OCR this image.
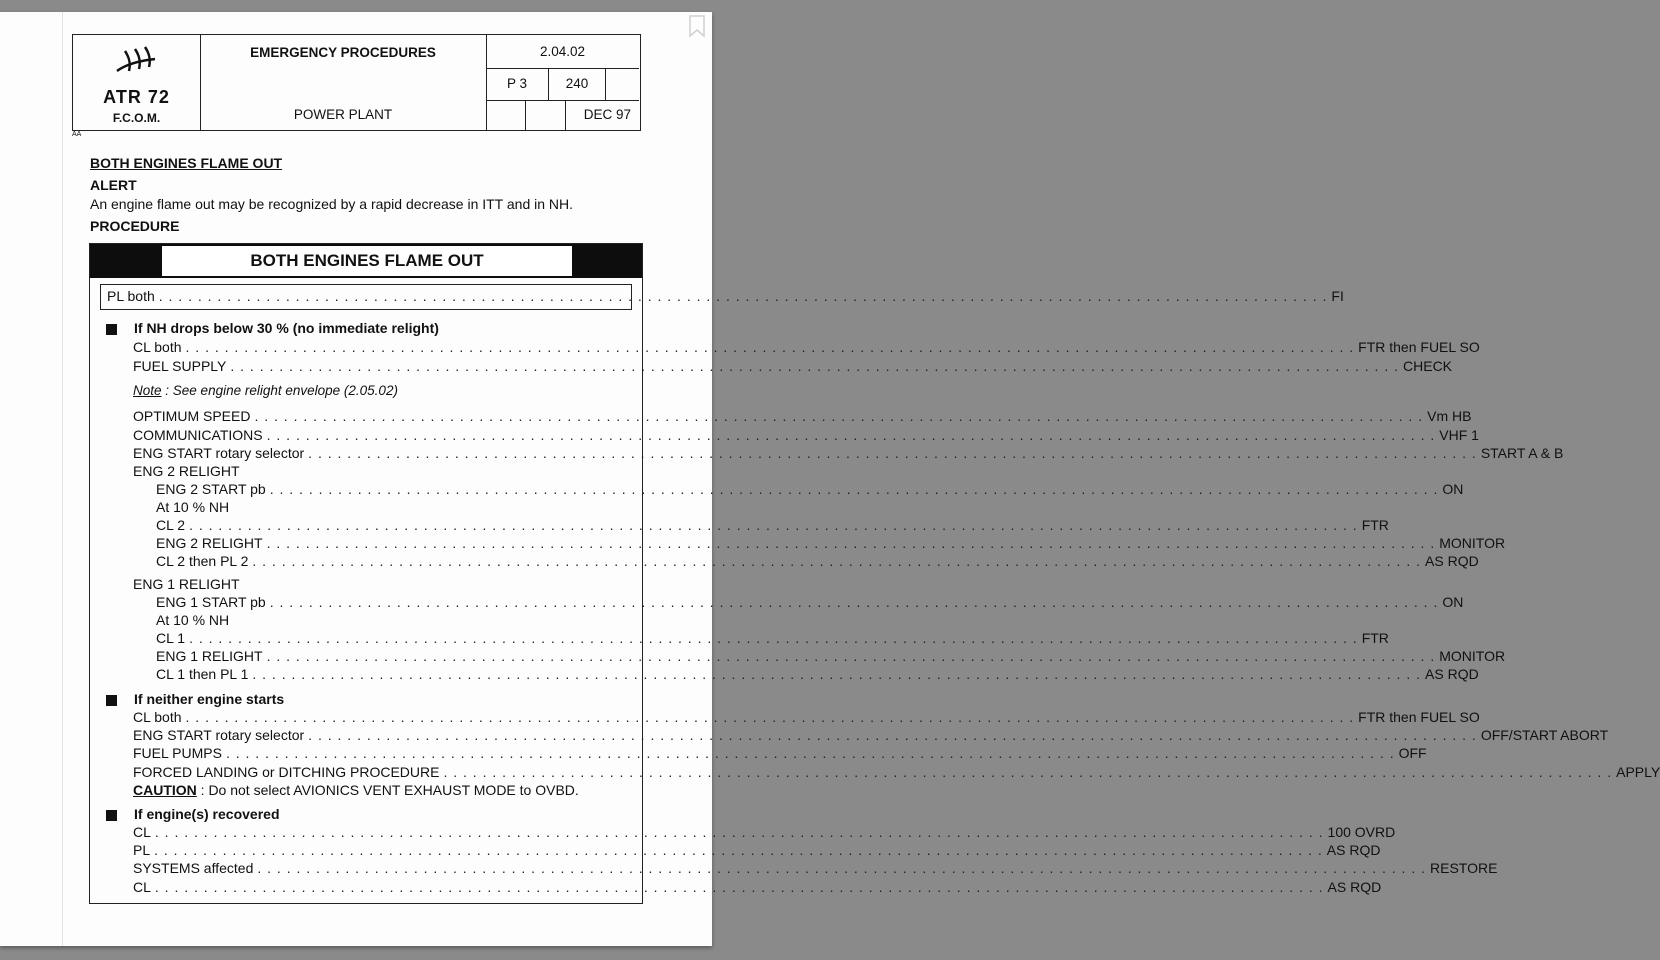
ATR 72
F.C.O.M.
EMERGENCY PROCEDURES
POWER PLANT
2.04.02
P 3	240
DEC 97
AA
BOTH ENGINES FLAME OUT
ALERT
An engine flame out may be recognized by a rapid decrease in ITT and in NH.
PROCEDURE
BOTH ENGINES FLAME OUT
PL both . . . . . . . . . . . . . . . . . . . . . . . . . . . . . . . . . . . . . . . . . . . . . . . . . . . . . . . . . . . . . . . . . . . . . . . . . . . . . . . . . . . . . . . . . . . . . . . . . . . . . . . . . . . . . . . . . . . . . . . . FI
If NH drops below 30 % (no immediate relight)
CL both . . . . . . . . . . . . . . . . . . . . . . . . . . . . . . . . . . . . . . . . . . . . . . . . . . . . . . . . . . . . . . . . . . . . . . . . . . . . . . . . . . . . . . . . . . . . . . . . . . . . . . . . . . . . . . . . . . . . . . . . FTR then FUEL SO
FUEL SUPPLY . . . . . . . . . . . . . . . . . . . . . . . . . . . . . . . . . . . . . . . . . . . . . . . . . . . . . . . . . . . . . . . . . . . . . . . . . . . . . . . . . . . . . . . . . . . . . . . . . . . . . . . . . . . . . . . . . . . . . . . . CHECK
Note : See engine relight envelope (2.05.02)
OPTIMUM SPEED . . . . . . . . . . . . . . . . . . . . . . . . . . . . . . . . . . . . . . . . . . . . . . . . . . . . . . . . . . . . . . . . . . . . . . . . . . . . . . . . . . . . . . . . . . . . . . . . . . . . . . . . . . . . . . . . . . . . . . . . Vm HB
COMMUNICATIONS . . . . . . . . . . . . . . . . . . . . . . . . . . . . . . . . . . . . . . . . . . . . . . . . . . . . . . . . . . . . . . . . . . . . . . . . . . . . . . . . . . . . . . . . . . . . . . . . . . . . . . . . . . . . . . . . . . . . . . . . VHF 1
ENG START rotary selector . . . . . . . . . . . . . . . . . . . . . . . . . . . . . . . . . . . . . . . . . . . . . . . . . . . . . . . . . . . . . . . . . . . . . . . . . . . . . . . . . . . . . . . . . . . . . . . . . . . . . . . . . . . . . . . . . . . . . . . . START A & B
ENG 2 RELIGHT
ENG 2 START pb . . . . . . . . . . . . . . . . . . . . . . . . . . . . . . . . . . . . . . . . . . . . . . . . . . . . . . . . . . . . . . . . . . . . . . . . . . . . . . . . . . . . . . . . . . . . . . . . . . . . . . . . . . . . . . . . . . . . . . . . ON
At 10 % NH
CL 2 . . . . . . . . . . . . . . . . . . . . . . . . . . . . . . . . . . . . . . . . . . . . . . . . . . . . . . . . . . . . . . . . . . . . . . . . . . . . . . . . . . . . . . . . . . . . . . . . . . . . . . . . . . . . . . . . . . . . . . . . FTR
ENG 2 RELIGHT . . . . . . . . . . . . . . . . . . . . . . . . . . . . . . . . . . . . . . . . . . . . . . . . . . . . . . . . . . . . . . . . . . . . . . . . . . . . . . . . . . . . . . . . . . . . . . . . . . . . . . . . . . . . . . . . . . . . . . . . MONITOR
CL 2 then PL 2 . . . . . . . . . . . . . . . . . . . . . . . . . . . . . . . . . . . . . . . . . . . . . . . . . . . . . . . . . . . . . . . . . . . . . . . . . . . . . . . . . . . . . . . . . . . . . . . . . . . . . . . . . . . . . . . . . . . . . . . . AS RQD
ENG 1 RELIGHT
ENG 1 START pb . . . . . . . . . . . . . . . . . . . . . . . . . . . . . . . . . . . . . . . . . . . . . . . . . . . . . . . . . . . . . . . . . . . . . . . . . . . . . . . . . . . . . . . . . . . . . . . . . . . . . . . . . . . . . . . . . . . . . . . . ON
At 10 % NH
CL 1 . . . . . . . . . . . . . . . . . . . . . . . . . . . . . . . . . . . . . . . . . . . . . . . . . . . . . . . . . . . . . . . . . . . . . . . . . . . . . . . . . . . . . . . . . . . . . . . . . . . . . . . . . . . . . . . . . . . . . . . . FTR
ENG 1 RELIGHT . . . . . . . . . . . . . . . . . . . . . . . . . . . . . . . . . . . . . . . . . . . . . . . . . . . . . . . . . . . . . . . . . . . . . . . . . . . . . . . . . . . . . . . . . . . . . . . . . . . . . . . . . . . . . . . . . . . . . . . . MONITOR
CL 1 then PL 1 . . . . . . . . . . . . . . . . . . . . . . . . . . . . . . . . . . . . . . . . . . . . . . . . . . . . . . . . . . . . . . . . . . . . . . . . . . . . . . . . . . . . . . . . . . . . . . . . . . . . . . . . . . . . . . . . . . . . . . . . AS RQD
If neither engine starts
CL both . . . . . . . . . . . . . . . . . . . . . . . . . . . . . . . . . . . . . . . . . . . . . . . . . . . . . . . . . . . . . . . . . . . . . . . . . . . . . . . . . . . . . . . . . . . . . . . . . . . . . . . . . . . . . . . . . . . . . . . . FTR then FUEL SO
ENG START rotary selector . . . . . . . . . . . . . . . . . . . . . . . . . . . . . . . . . . . . . . . . . . . . . . . . . . . . . . . . . . . . . . . . . . . . . . . . . . . . . . . . . . . . . . . . . . . . . . . . . . . . . . . . . . . . . . . . . . . . . . . . OFF/START ABORT
FUEL PUMPS . . . . . . . . . . . . . . . . . . . . . . . . . . . . . . . . . . . . . . . . . . . . . . . . . . . . . . . . . . . . . . . . . . . . . . . . . . . . . . . . . . . . . . . . . . . . . . . . . . . . . . . . . . . . . . . . . . . . . . . . OFF
FORCED LANDING or DITCHING PROCEDURE . . . . . . . . . . . . . . . . . . . . . . . . . . . . . . . . . . . . . . . . . . . . . . . . . . . . . . . . . . . . . . . . . . . . . . . . . . . . . . . . . . . . . . . . . . . . . . . . . . . . . . . . . . . . . . . . . . . . . . . . APPLY
CAUTION : Do not select AVIONICS VENT EXHAUST MODE to OVBD.
If engine(s) recovered
CL . . . . . . . . . . . . . . . . . . . . . . . . . . . . . . . . . . . . . . . . . . . . . . . . . . . . . . . . . . . . . . . . . . . . . . . . . . . . . . . . . . . . . . . . . . . . . . . . . . . . . . . . . . . . . . . . . . . . . . . . 100 OVRD
PL . . . . . . . . . . . . . . . . . . . . . . . . . . . . . . . . . . . . . . . . . . . . . . . . . . . . . . . . . . . . . . . . . . . . . . . . . . . . . . . . . . . . . . . . . . . . . . . . . . . . . . . . . . . . . . . . . . . . . . . . AS RQD
SYSTEMS affected . . . . . . . . . . . . . . . . . . . . . . . . . . . . . . . . . . . . . . . . . . . . . . . . . . . . . . . . . . . . . . . . . . . . . . . . . . . . . . . . . . . . . . . . . . . . . . . . . . . . . . . . . . . . . . . . . . . . . . . . RESTORE
CL . . . . . . . . . . . . . . . . . . . . . . . . . . . . . . . . . . . . . . . . . . . . . . . . . . . . . . . . . . . . . . . . . . . . . . . . . . . . . . . . . . . . . . . . . . . . . . . . . . . . . . . . . . . . . . . . . . . . . . . . AS RQD
